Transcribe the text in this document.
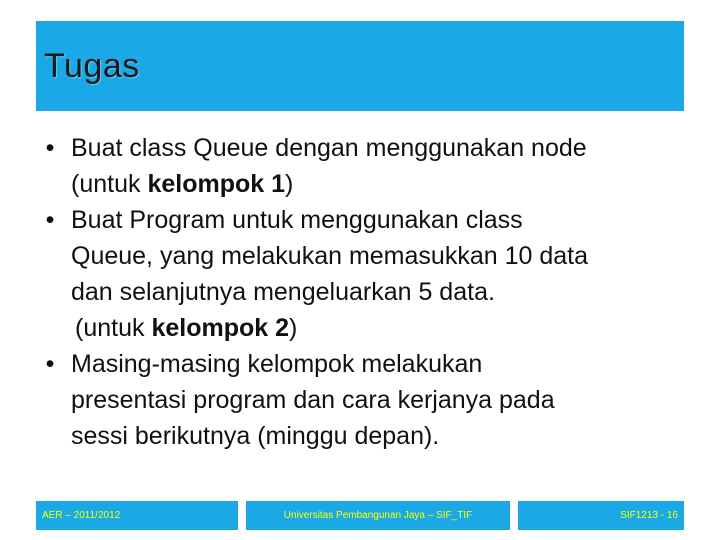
Tugas
• Buat class Queue dengan menggunakan node
(untuk kelompok 1)
• Buat Program untuk menggunakan class
Queue, yang melakukan memasukkan 10 data
dan selanjutnya mengeluarkan 5 data.
(untuk kelompok 2)
• Masing-masing kelompok melakukan
presentasi program dan cara kerjanya pada
sessi berikutnya (minggu depan).
AER – 2011/2012	Universitas Pembangunan Jaya – SIF_TIF	SIF1213 - 16
